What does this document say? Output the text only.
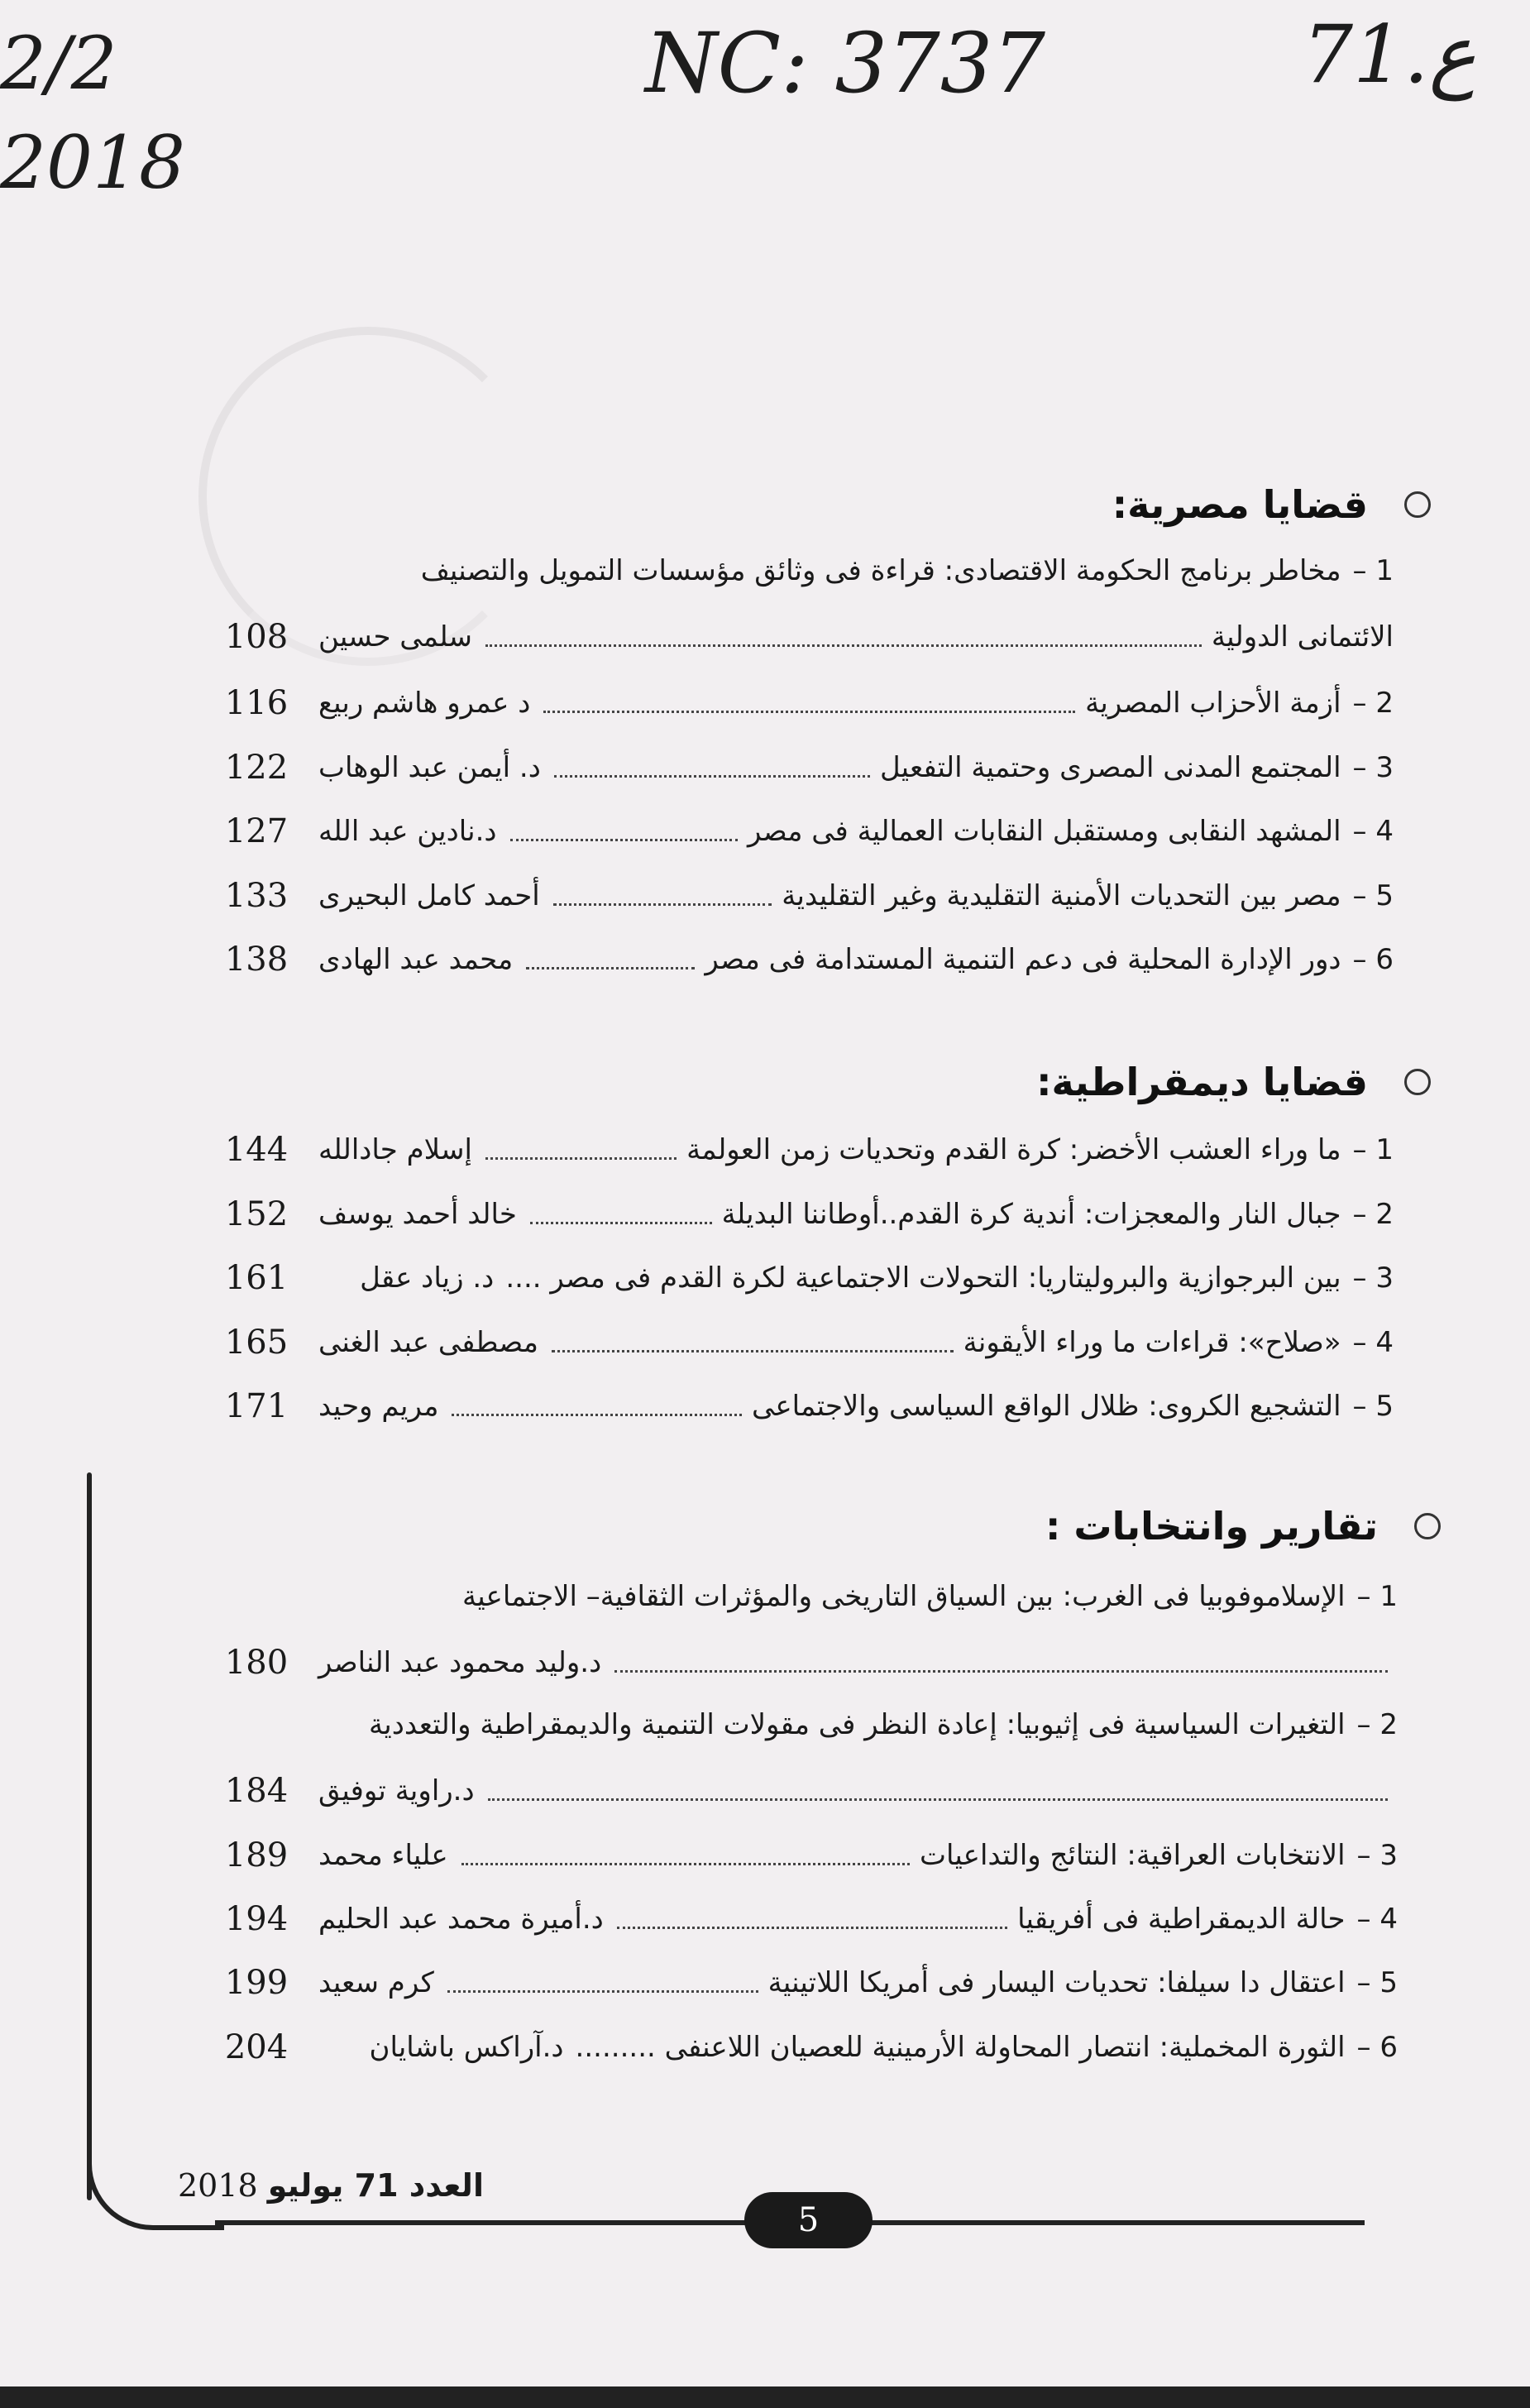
2/2
2018
NC: 3737	71.ع
قضايا مصرية:
1 –
مخاطر برنامج الحكومة الاقتصادى: قراءة فى وثائق مؤسسات التمويل والتصنيف
الائتمانى الدولية
سلمى حسين
108
2 –
أزمة الأحزاب المصرية
د عمرو هاشم ربيع
116
3 –
المجتمع المدنى المصرى وحتمية التفعيل
د. أيمن عبد الوهاب
122
4 –
المشهد النقابى ومستقبل النقابات العمالية فى مصر
د.نادين عبد الله
127
5 –
مصر بين التحديات الأمنية التقليدية وغير التقليدية
أحمد كامل البحيرى
133
6 –
دور الإدارة المحلية فى دعم التنمية المستدامة فى مصر
محمد عبد الهادى
138
قضايا ديمقراطية:
1 –
ما وراء العشب الأخضر: كرة القدم وتحديات زمن العولمة
إسلام جادالله
144
2 –
جبال النار والمعجزات: أندية كرة القدم..أوطاننا البديلة
خالد أحمد يوسف
152
3 –
بين البرجوازية والبروليتاريا: التحولات الاجتماعية لكرة القدم فى مصر ....
د. زياد عقل
161
4 –
«صلاح»: قراءات ما وراء الأيقونة
مصطفى عبد الغنى
165
5 –
التشجيع الكروى: ظلال الواقع السياسى والاجتماعى
مريم وحيد
171
تقارير وانتخابات :
1 –
الإسلاموفوبيا فى الغرب: بين السياق التاريخى والمؤثرات الثقافية– الاجتماعية
د.وليد محمود عبد الناصر
180
2 –
التغيرات السياسية فى إثيوبيا: إعادة النظر فى مقولات التنمية والديمقراطية والتعددية
د.راوية توفيق
184
3 –
الانتخابات العراقية: النتائج والتداعيات
علياء محمد
189
4 –
حالة الديمقراطية فى أفريقيا
د.أميرة محمد عبد الحليم
194
5 –
اعتقال دا سيلفا: تحديات اليسار فى أمريكا اللاتينية
كرم سعيد
199
6 –
الثورة المخملية: انتصار المحاولة الأرمينية للعصيان اللاعنفى .........
د.آراكس باشايان
204
العدد 71 يوليو
2018
5
